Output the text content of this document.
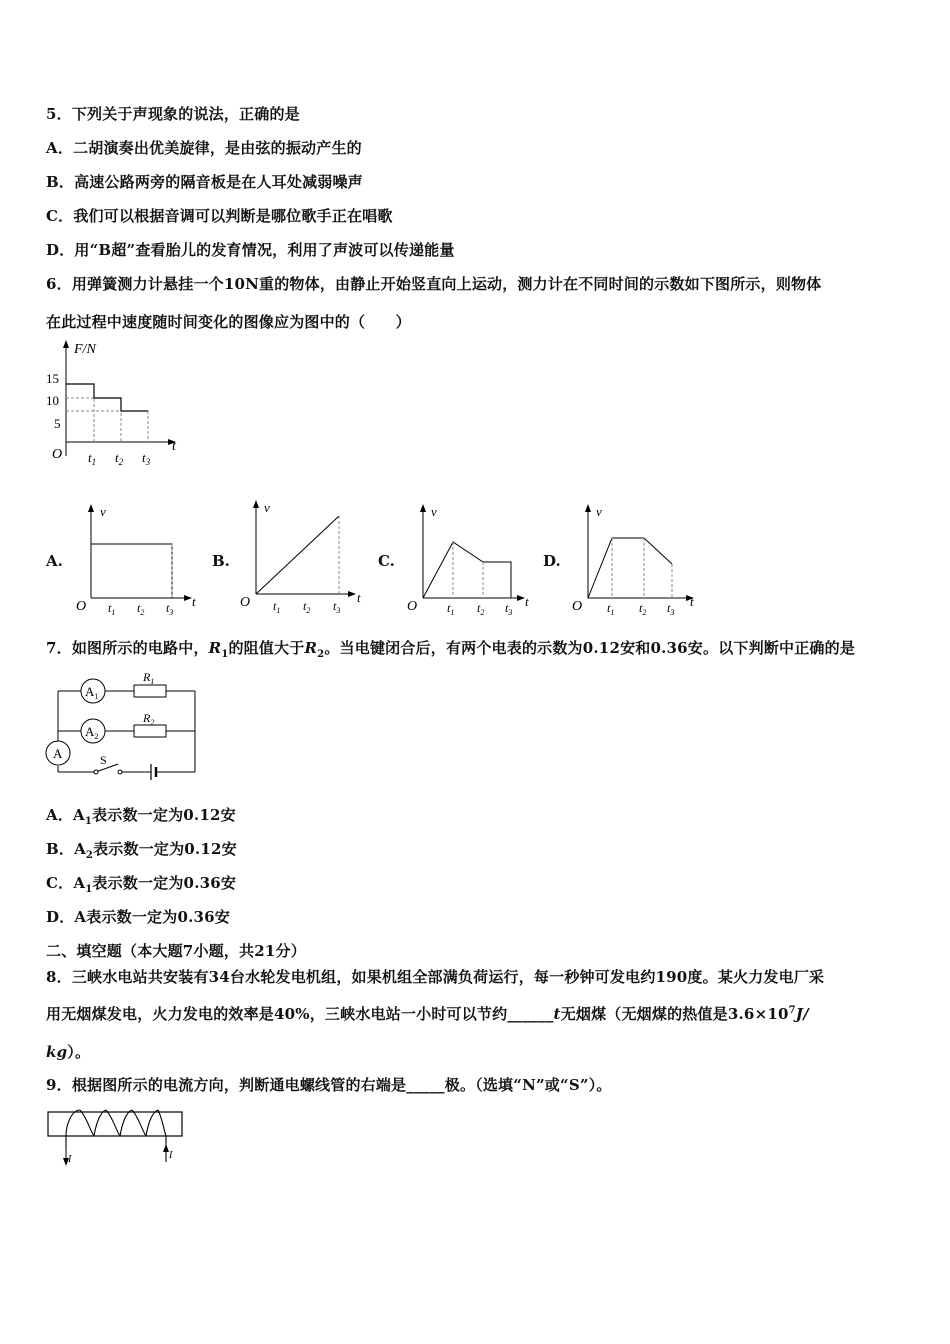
5．下列关于声现象的说法，正确的是
A．二胡演奏出优美旋律，是由弦的振动产生的
B．高速公路两旁的隔音板是在人耳处减弱噪声
C．我们可以根据音调可以判断是哪位歌手正在唱歌
D．用“B超”查看胎儿的发育情况，利用了声波可以传递能量
6．用弹簧测力计悬挂一个10N重的物体，由静止开始竖直向上运动，测力计在不同时间的示数如下图所示，则物体
在此过程中速度随时间变化的图像应为图中的（　　）
F/N
15
10
5
O
t
$t_1$ $t_2$ $t_3$
A.
v
O	t
$t_1$ $t_2$ $t_3$
B.
v
O	t
$t_1$ $t_2$ $t_3$
C.
v
O	t
$t_1$ $t_2$ $t_3$
D.
v
O	t
$t_1$ $t_2$ $t_3$
7．如图所示的电路中，$R_1$的阻值大于$R_2$。当电键闭合后，有两个电表的示数为0.12安和0.36安。以下判断中正确的是
$A_1$
$A_2$
A
$R_1$
$R_2$
S
A．$A_1$表示数一定为0.12安
B．$A_2$表示数一定为0.12安
C．$A_1$表示数一定为0.36安
D．A表示数一定为0.36安
二、填空题（本大题7小题，共21分）
8．三峡水电站共安装有34台水轮发电机组，如果机组全部满负荷运行，每一秒钟可发电约190度。某火力发电厂采
用无烟煤发电，火力发电的效率是40%，三峡水电站一小时可以节约______t无烟煤（无烟煤的热值是$3.6\times 10^7J/$
kg）。
9．根据图所示的电流方向，判断通电螺线管的右端是_____极。（选填“N”或“S”）。
I	I
